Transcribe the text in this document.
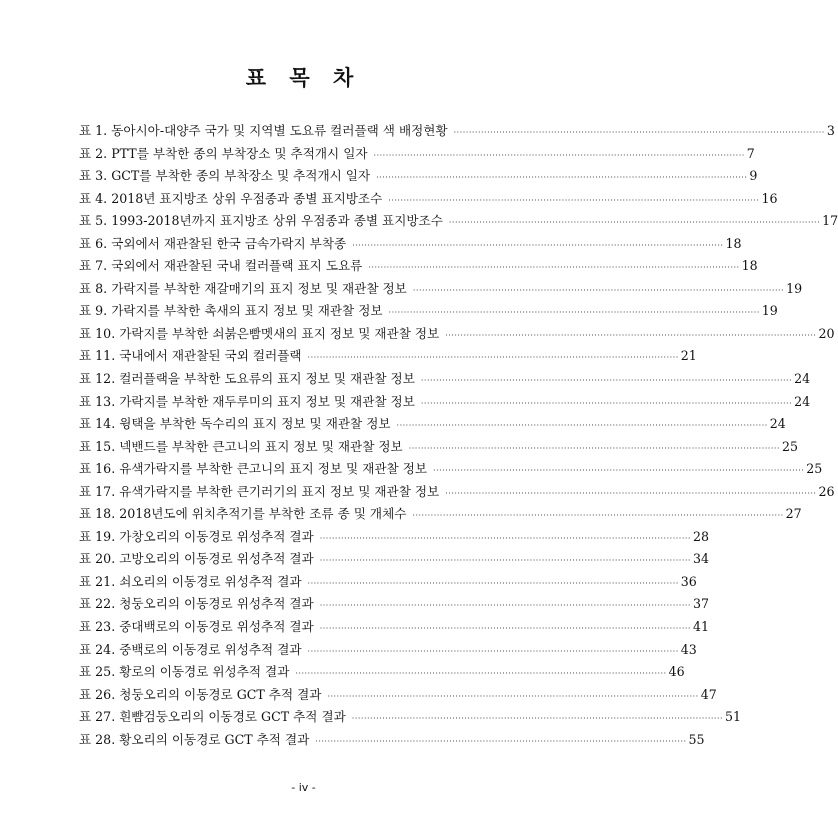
표 목 차
표 1. 동아시아-대양주 국가 및 지역별 도요류 컬러플랙 색 배정현황 ·····	3
표 2. PTT를 부착한 종의 부착장소 및 추적개시 일자 ·····	7
표 3. GCT를 부착한 종의 부착장소 및 추적개시 일자 ·····	9
표 4. 2018년 표지방조 상위 우점종과 종별 표지방조수 ·····	16
표 5. 1993-2018년까지 표지방조 상위 우점종과 종별 표지방조수 ·····	17
표 6. 국외에서 재관찰된 한국 금속가락지 부착종 ·····	18
표 7. 국외에서 재관찰된 국내 컬러플랙 표지 도요류 ·····	18
표 8. 가락지를 부착한 재갈매기의 표지 정보 및 재관찰 정보 ·····	19
표 9. 가락지를 부착한 촉새의 표지 정보 및 재관찰 정보 ·····	19
표 10. 가락지를 부착한 쇠붉은빰멧새의 표지 정보 및 재관찰 정보 ·····	20
표 11. 국내에서 재관찰된 국외 컬러플랙 ·····	21
표 12. 컬러플랙을 부착한 도요류의 표지 정보 및 재관찰 정보 ·····	24
표 13. 가락지를 부착한 재두루미의 표지 정보 및 재관찰 정보 ·····	24
표 14. 윙택을 부착한 독수리의 표지 정보 및 재관찰 정보 ·····	24
표 15. 넥밴드를 부착한 큰고니의 표지 정보 및 재관찰 정보 ·····	25
표 16. 유색가락지를 부착한 큰고니의 표지 정보 및 재관찰 정보 ·····	25
표 17. 유색가락지를 부착한 큰기러기의 표지 정보 및 재관찰 정보 ·····	26
표 18. 2018년도에 위치추적기를 부착한 조류 종 및 개체수 ·····	27
표 19. 가창오리의 이동경로 위성추적 결과 ·····	28
표 20. 고방오리의 이동경로 위성추적 결과 ·····	34
표 21. 쇠오리의 이동경로 위성추적 결과 ·····	36
표 22. 청둥오리의 이동경로 위성추적 결과 ·····	37
표 23. 중대백로의 이동경로 위성추적 결과 ·····	41
표 24. 중백로의 이동경로 위성추적 결과 ·····	43
표 25. 황로의 이동경로 위성추적 결과 ·····	46
표 26. 청둥오리의 이동경로 GCT 추적 결과 ·····	47
표 27. 흰뺨검둥오리의 이동경로 GCT 추적 결과 ·····	51
표 28. 황오리의 이동경로 GCT 추적 결과 ·····	55
- iv -
